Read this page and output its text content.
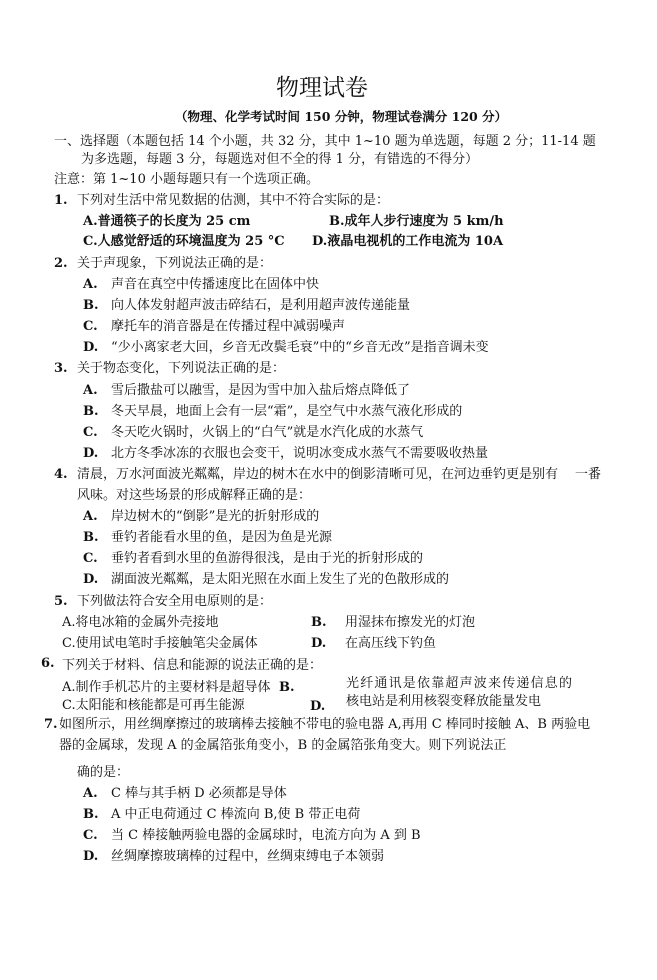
物理试卷
（物理、化学考试时间 150 分钟，物理试卷满分 120 分）
一、选择题（本题包括 14 个小题，共 32 分，其中 1~10 题为单选题，每题 2 分；11-14 题
为多选题，每题 3 分，每题选对但不全的得 1 分，有错选的不得分）
注意：第 1~10 小题每题只有一个选项正确。
1. 下列对生活中常见数据的估测，其中不符合实际的是：
A.普通筷子的长度为 25 cm	B.成年人步行速度为 5 km/h
C.人感觉舒适的环境温度为 25 °C D.液晶电视机的工作电流为 10A
2. 关于声现象，下列说法正确的是：
A. 声音在真空中传播速度比在固体中快
B. 向人体发射超声波击碎结石，是利用超声波传递能量
C. 摩托车的消音器是在传播过程中减弱噪声
D. “少小离家老大回，乡音无改鬓毛衰”中的“乡音无改”是指音调未变
3. 关于物态变化，下列说法正确的是：
A. 雪后撒盐可以融雪，是因为雪中加入盐后熔点降低了
B. 冬天早晨，地面上会有一层“霜”，是空气中水蒸气液化形成的
C. 冬天吃火锅时，火锅上的“白气”就是水汽化成的水蒸气
D. 北方冬季冰冻的衣服也会变干，说明冰变成水蒸气不需要吸收热量
4. 清晨，万水河面波光粼粼，岸边的树木在水中的倒影清晰可见，在河边垂钓更是别有 一番
风味。对这些场景的形成解释正确的是：
A. 岸边树木的“倒影”是光的折射形成的
B. 垂钓者能看水里的鱼，是因为鱼是光源
C. 垂钓者看到水里的鱼游得很浅，是由于光的折射形成的
D. 湖面波光粼粼，是太阳光照在水面上发生了光的色散形成的
5. 下列做法符合安全用电原则的是：
A.将电冰箱的金属外壳接地	B. 用湿抹布擦发光的灯泡
C.使用试电笔时手接触笔尖金属体	D. 在高压线下钓鱼
6. 下列关于材料、信息和能源的说法正确的是：
A.制作手机芯片的主要材料是超导体 B.	光纤通讯是依靠超声波来传递信息的
C.太阳能和核能都是可再生能源	D. 核电站是利用核裂变释放能量发电
7. 如图所示，用丝绸摩擦过的玻璃棒去接触不带电的验电器 A,再用 C 棒同时接触 A、B 两验电
器的金属球，发现 A 的金属箔张角变小，B 的金属箔张角变大。则下列说法正
确的是：
A. C 棒与其手柄 D 必须都是导体
B. A 中正电荷通过 C 棒流向 B,使 B 带正电荷
C. 当 C 棒接触两验电器的金属球时，电流方向为 A 到 B
D. 丝绸摩擦玻璃棒的过程中，丝绸束缚电子本领弱
